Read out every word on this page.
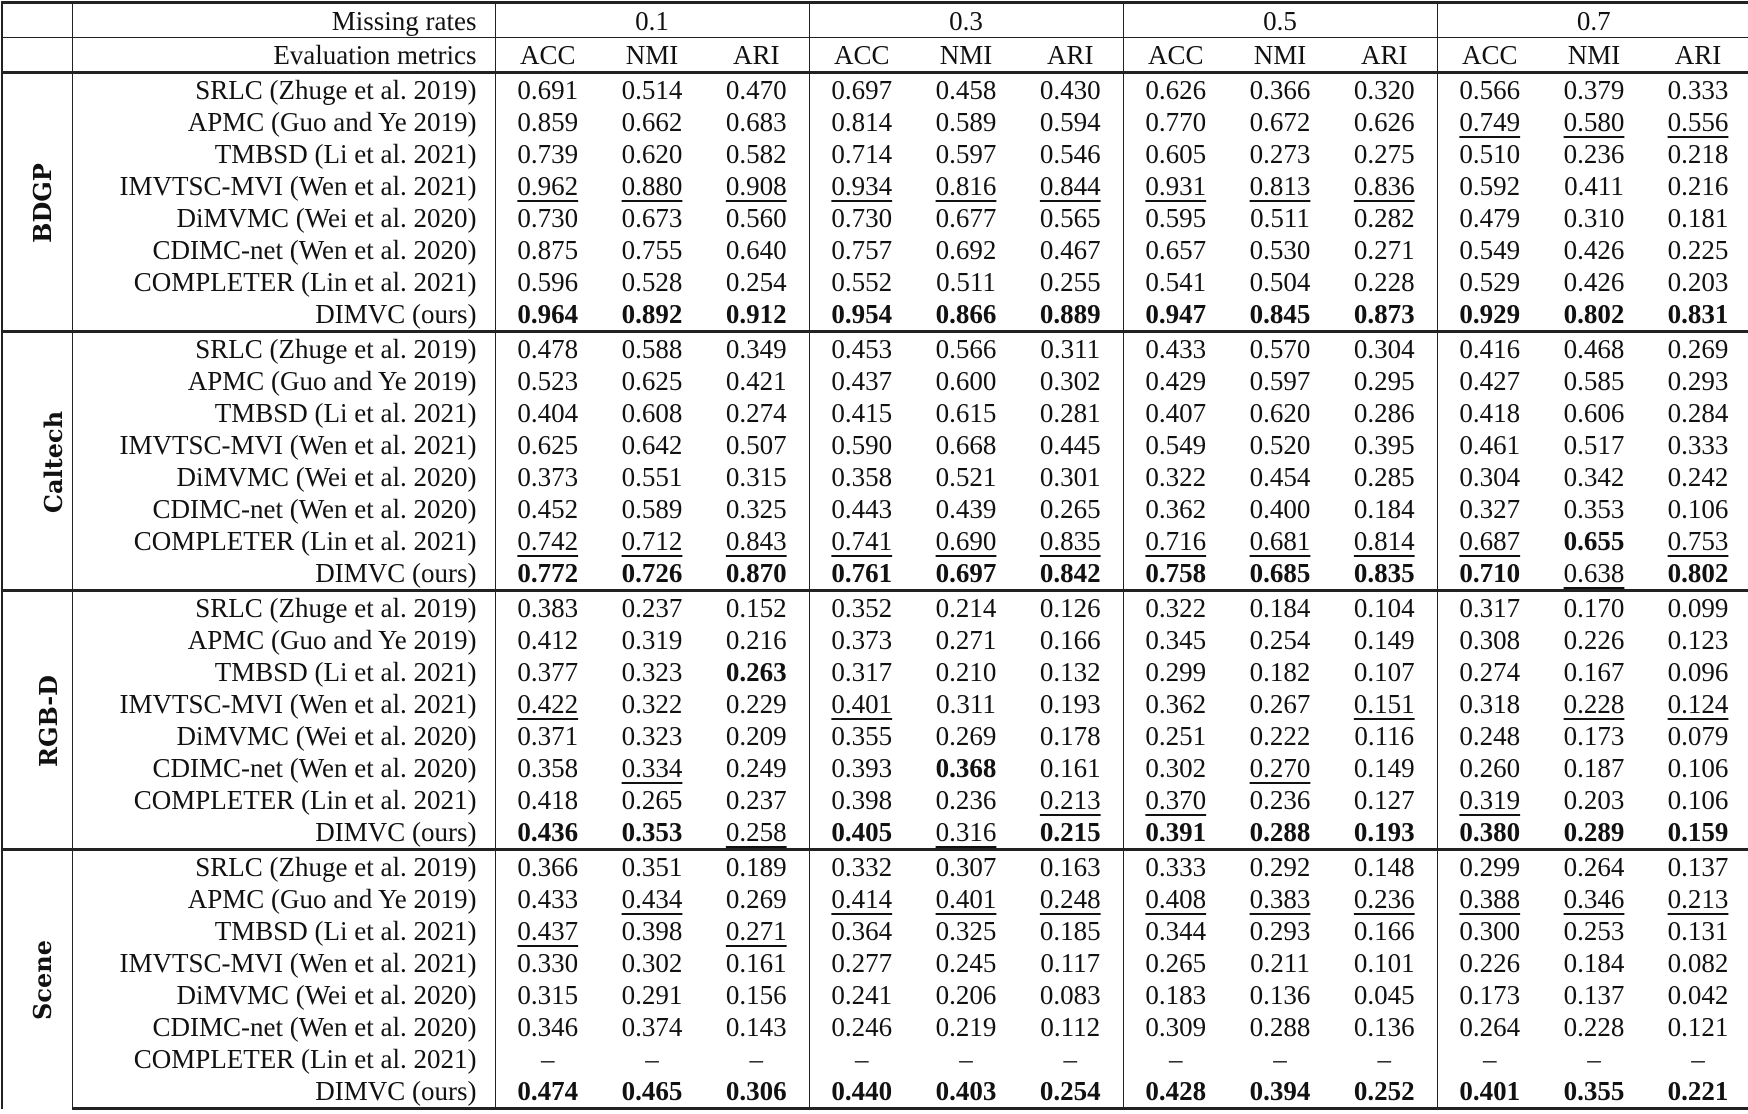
	Missing rates	0.1			0.3			0.5			0.7		
	Evaluation metrics	ACC	NMI	ARI	ACC	NMI	ARI	ACC	NMI	ARI	ACC	NMI	ARI
BDGP	SRLC (Zhuge et al. 2019)	0.691	0.514	0.470	0.697	0.458	0.430	0.626	0.366	0.320	0.566	0.379	0.333
	APMC (Guo and Ye 2019)	0.859	0.662	0.683	0.814	0.589	0.594	0.770	0.672	0.626	0.749	0.580	0.556
	TMBSD (Li et al. 2021)	0.739	0.620	0.582	0.714	0.597	0.546	0.605	0.273	0.275	0.510	0.236	0.218
	IMVTSC-MVI (Wen et al. 2021)	0.962	0.880	0.908	0.934	0.816	0.844	0.931	0.813	0.836	0.592	0.411	0.216
	DiMVMC (Wei et al. 2020)	0.730	0.673	0.560	0.730	0.677	0.565	0.595	0.511	0.282	0.479	0.310	0.181
	CDIMC-net (Wen et al. 2020)	0.875	0.755	0.640	0.757	0.692	0.467	0.657	0.530	0.271	0.549	0.426	0.225
	COMPLETER (Lin et al. 2021)	0.596	0.528	0.254	0.552	0.511	0.255	0.541	0.504	0.228	0.529	0.426	0.203
	DIMVC (ours)	0.964	0.892	0.912	0.954	0.866	0.889	0.947	0.845	0.873	0.929	0.802	0.831
Caltech	SRLC (Zhuge et al. 2019)	0.478	0.588	0.349	0.453	0.566	0.311	0.433	0.570	0.304	0.416	0.468	0.269
	APMC (Guo and Ye 2019)	0.523	0.625	0.421	0.437	0.600	0.302	0.429	0.597	0.295	0.427	0.585	0.293
	TMBSD (Li et al. 2021)	0.404	0.608	0.274	0.415	0.615	0.281	0.407	0.620	0.286	0.418	0.606	0.284
	IMVTSC-MVI (Wen et al. 2021)	0.625	0.642	0.507	0.590	0.668	0.445	0.549	0.520	0.395	0.461	0.517	0.333
	DiMVMC (Wei et al. 2020)	0.373	0.551	0.315	0.358	0.521	0.301	0.322	0.454	0.285	0.304	0.342	0.242
	CDIMC-net (Wen et al. 2020)	0.452	0.589	0.325	0.443	0.439	0.265	0.362	0.400	0.184	0.327	0.353	0.106
	COMPLETER (Lin et al. 2021)	0.742	0.712	0.843	0.741	0.690	0.835	0.716	0.681	0.814	0.687	0.655	0.753
	DIMVC (ours)	0.772	0.726	0.870	0.761	0.697	0.842	0.758	0.685	0.835	0.710	0.638	0.802
RGB-D	SRLC (Zhuge et al. 2019)	0.383	0.237	0.152	0.352	0.214	0.126	0.322	0.184	0.104	0.317	0.170	0.099
	APMC (Guo and Ye 2019)	0.412	0.319	0.216	0.373	0.271	0.166	0.345	0.254	0.149	0.308	0.226	0.123
	TMBSD (Li et al. 2021)	0.377	0.323	0.263	0.317	0.210	0.132	0.299	0.182	0.107	0.274	0.167	0.096
	IMVTSC-MVI (Wen et al. 2021)	0.422	0.322	0.229	0.401	0.311	0.193	0.362	0.267	0.151	0.318	0.228	0.124
	DiMVMC (Wei et al. 2020)	0.371	0.323	0.209	0.355	0.269	0.178	0.251	0.222	0.116	0.248	0.173	0.079
	CDIMC-net (Wen et al. 2020)	0.358	0.334	0.249	0.393	0.368	0.161	0.302	0.270	0.149	0.260	0.187	0.106
	COMPLETER (Lin et al. 2021)	0.418	0.265	0.237	0.398	0.236	0.213	0.370	0.236	0.127	0.319	0.203	0.106
	DIMVC (ours)	0.436	0.353	0.258	0.405	0.316	0.215	0.391	0.288	0.193	0.380	0.289	0.159
Scene	SRLC (Zhuge et al. 2019)	0.366	0.351	0.189	0.332	0.307	0.163	0.333	0.292	0.148	0.299	0.264	0.137
	APMC (Guo and Ye 2019)	0.433	0.434	0.269	0.414	0.401	0.248	0.408	0.383	0.236	0.388	0.346	0.213
	TMBSD (Li et al. 2021)	0.437	0.398	0.271	0.364	0.325	0.185	0.344	0.293	0.166	0.300	0.253	0.131
	IMVTSC-MVI (Wen et al. 2021)	0.330	0.302	0.161	0.277	0.245	0.117	0.265	0.211	0.101	0.226	0.184	0.082
	DiMVMC (Wei et al. 2020)	0.315	0.291	0.156	0.241	0.206	0.083	0.183	0.136	0.045	0.173	0.137	0.042
	CDIMC-net (Wen et al. 2020)	0.346	0.374	0.143	0.246	0.219	0.112	0.309	0.288	0.136	0.264	0.228	0.121
	COMPLETER (Lin et al. 2021)	–	–	–	–	–	–	–	–	–	–	–	–
	DIMVC (ours)	0.474	0.465	0.306	0.440	0.403	0.254	0.428	0.394	0.252	0.401	0.355	0.221
